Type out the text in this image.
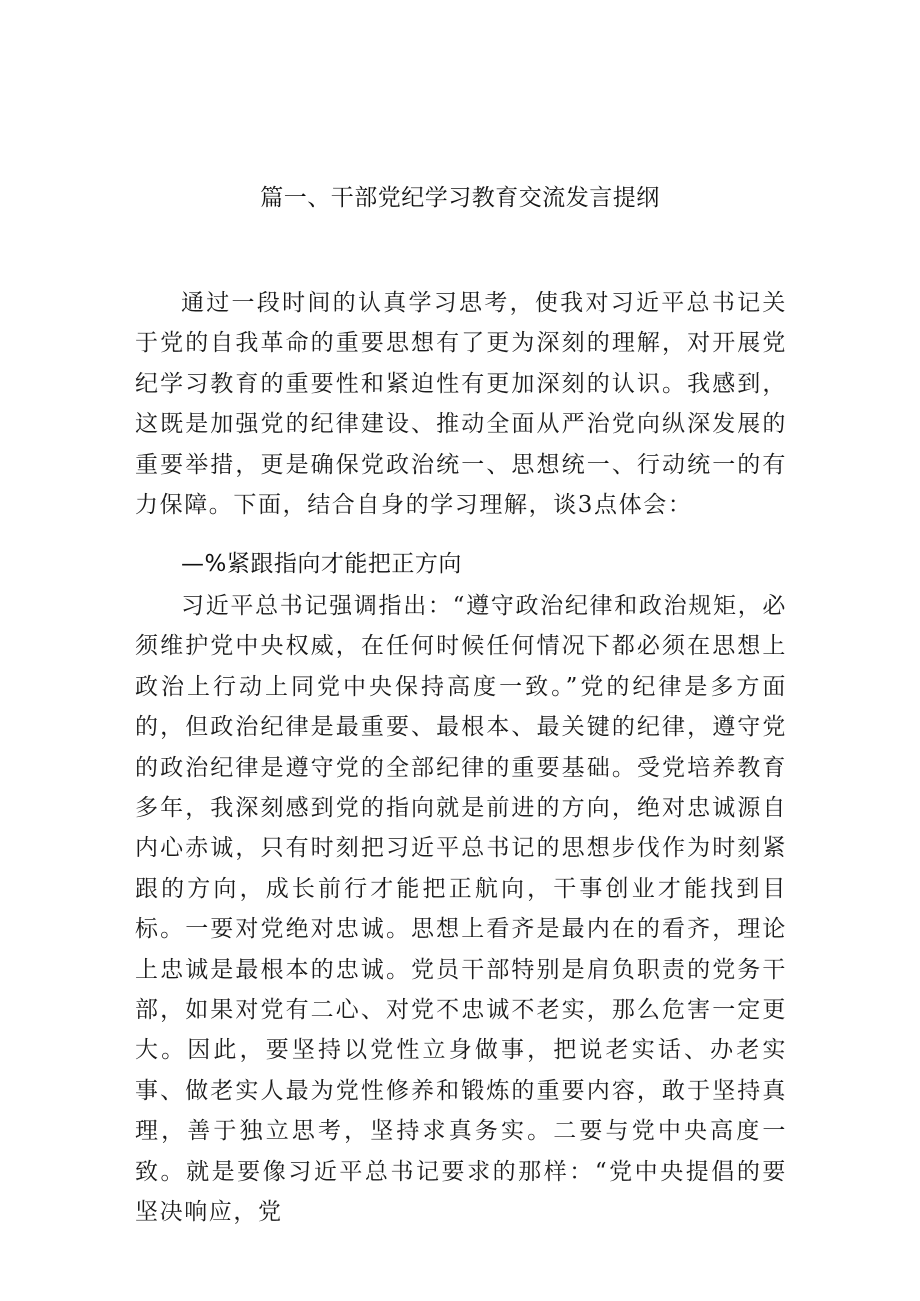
篇一、干部党纪学习教育交流发言提纲

通过一段时间的认真学习思考，使我对习近平总书记关于党的自我革命的重要思想有了更为深刻的理解，对开展党纪学习教育的重要性和紧迫性有更加深刻的认识。我感到，这既是加强党的纪律建设、推动全面从严治党向纵深发展的重要举措，更是确保党政治统一、思想统一、行动统一的有力保障。下面，结合自身的学习理解，谈3点体会：

—%紧跟指向才能把正方向

习近平总书记强调指出：“遵守政治纪律和政治规矩，必须维护党中央权威，在任何时候任何情况下都必须在思想上政治上行动上同党中央保持高度一致。”党的纪律是多方面的，但政治纪律是最重要、最根本、最关键的纪律，遵守党的政治纪律是遵守党的全部纪律的重要基础。受党培养教育多年，我深刻感到党的指向就是前进的方向，绝对忠诚源自内心赤诚，只有时刻把习近平总书记的思想步伐作为时刻紧跟的方向，成长前行才能把正航向，干事创业才能找到目标。一要对党绝对忠诚。思想上看齐是最内在的看齐，理论上忠诚是最根本的忠诚。党员干部特别是肩负职责的党务干部，如果对党有二心、对党不忠诚不老实，那么危害一定更大。因此，要坚持以党性立身做事，把说老实话、办老实事、做老实人最为党性修养和锻炼的重要内容，敢于坚持真理，善于独立思考，坚持求真务实。二要与党中央高度一致。就是要像习近平总书记要求的那样：“党中央提倡的要坚决响应，党
